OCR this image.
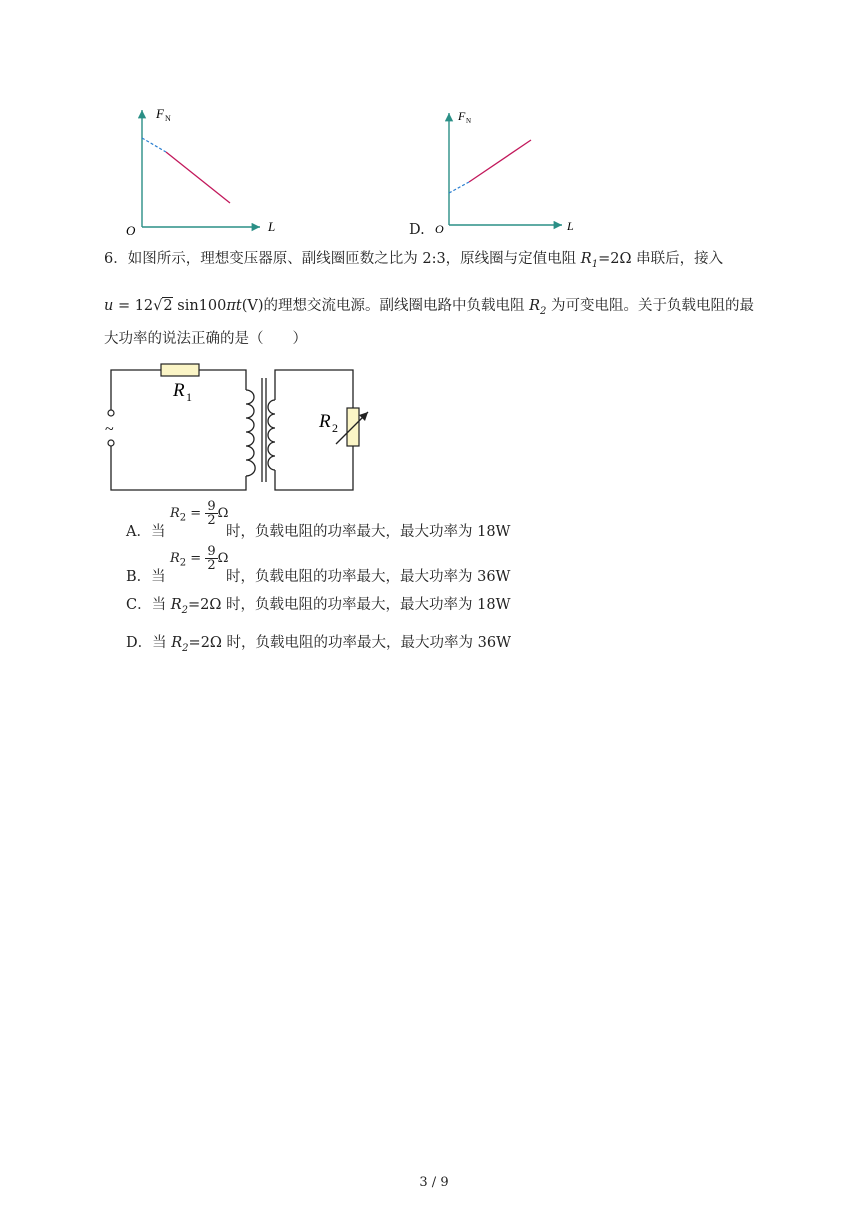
F N
L
O	D.
F N
L
O
6．如图所示，理想变压器原、副线圈匝数之比为 2:3，原线圈与定值电阻 $R_1=2\Omega$ 串联后，接入
u = 12√2 sin100πt(V)的理想交流电源。副线圈电路中负载电阻 $R_2$ 为可变电阻。关于负载电阻的最
大功率的说法正确的是（　　）
R 1
~	R 2
A．当
$R_2 = \frac{9}{2}$ Ω
时，负载电阻的功率最大，最大功率为 18W
B．当
$R_2 = \frac{9}{2}$ Ω
时，负载电阻的功率最大，最大功率为 36W
C．当 $R_2=2\Omega$ 时，负载电阻的功率最大，最大功率为 18W
D．当 $R_2=2\Omega$ 时，负载电阻的功率最大，最大功率为 36W
3 / 9
